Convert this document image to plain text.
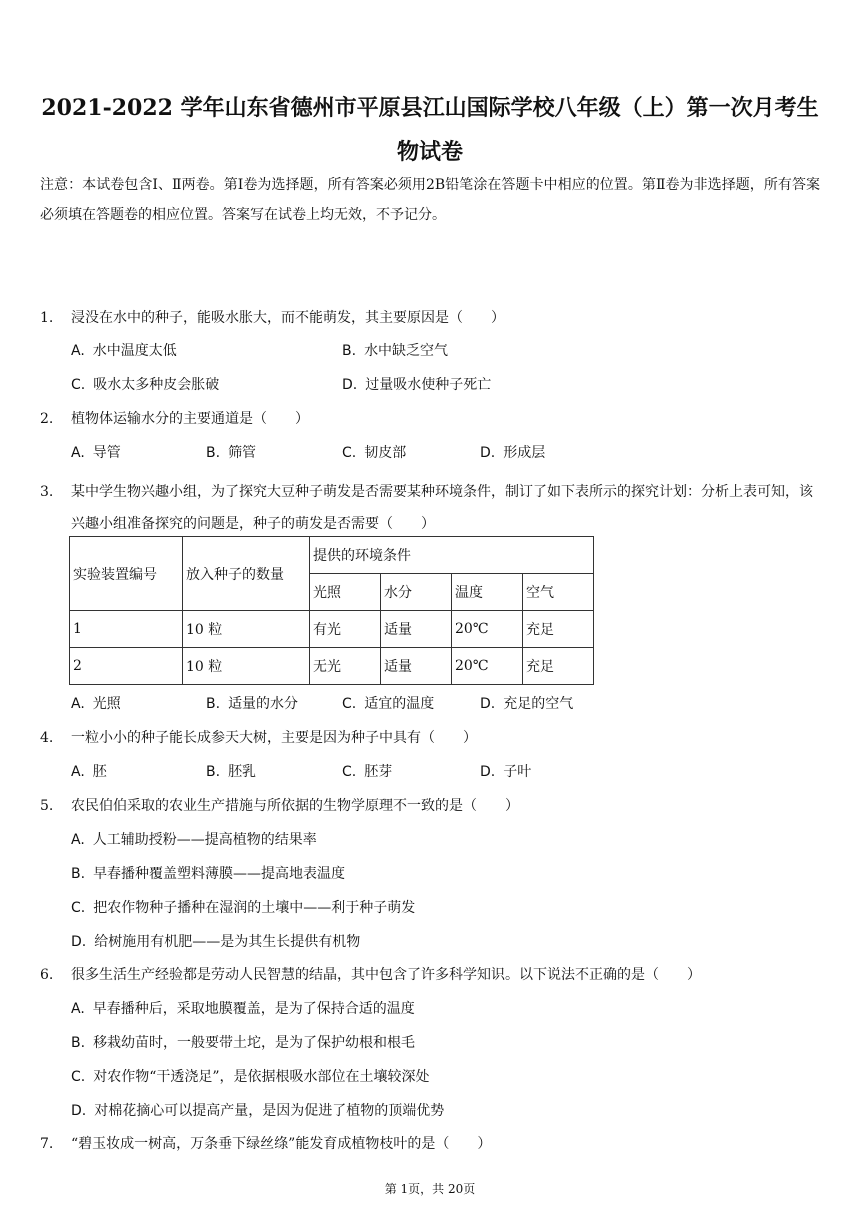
2021-2022 学年山东省德州市平原县江山国际学校八年级（上）第一次月考生
物试卷
注意：本试卷包含Ⅰ、Ⅱ两卷。第Ⅰ卷为选择题，所有答案必须用2B铅笔涂在答题卡中相应的位置。第Ⅱ卷为非选择题，所有答案必须填在答题卷的相应位置。答案写在试卷上均无效，不予记分。
1.	浸没在水中的种子，能吸水胀大，而不能萌发，其主要原因是（　　）
A. 水中温度太低	B. 水中缺乏空气
C. 吸水太多种皮会胀破	D. 过量吸水使种子死亡
2.	植物体运输水分的主要通道是（　　）
A. 导管	B. 筛管	C. 韧皮部	D. 形成层
3.	某中学生物兴趣小组，为了探究大豆种子萌发是否需要某种环境条件，制订了如下表所示的探究计划：分析上表可知，该兴趣小组准备探究的问题是，种子的萌发是否需要（　　）
实验装置编号	放入种子的数量	提供的环境条件			
		光照	水分	温度	空气
1	10 粒	有光	适量	20℃	充足
2	10 粒	无光	适量	20℃	充足
A. 光照	B. 适量的水分	C. 适宜的温度	D. 充足的空气
4.	一粒小小的种子能长成参天大树，主要是因为种子中具有（　　）
A. 胚	B. 胚乳	C. 胚芽	D. 子叶
5.	农民伯伯采取的农业生产措施与所依据的生物学原理不一致的是（　　）
A. 人工辅助授粉——提高植物的结果率
B. 早春播种覆盖塑料薄膜——提高地表温度
C. 把农作物种子播种在湿润的土壤中——利于种子萌发
D. 给树施用有机肥——是为其生长提供有机物
6.	很多生活生产经验都是劳动人民智慧的结晶，其中包含了许多科学知识。以下说法不正确的是（　　）
A. 早春播种后，采取地膜覆盖，是为了保持合适的温度
B. 移栽幼苗时，一般要带土坨，是为了保护幼根和根毛
C. 对农作物“干透浇足”，是依据根吸水部位在土壤较深处
D. 对棉花摘心可以提高产量，是因为促进了植物的顶端优势
7.	“碧玉妆成一树高，万条垂下绿丝绦”能发育成植物枝叶的是（　　）
第 1页，共 20页
